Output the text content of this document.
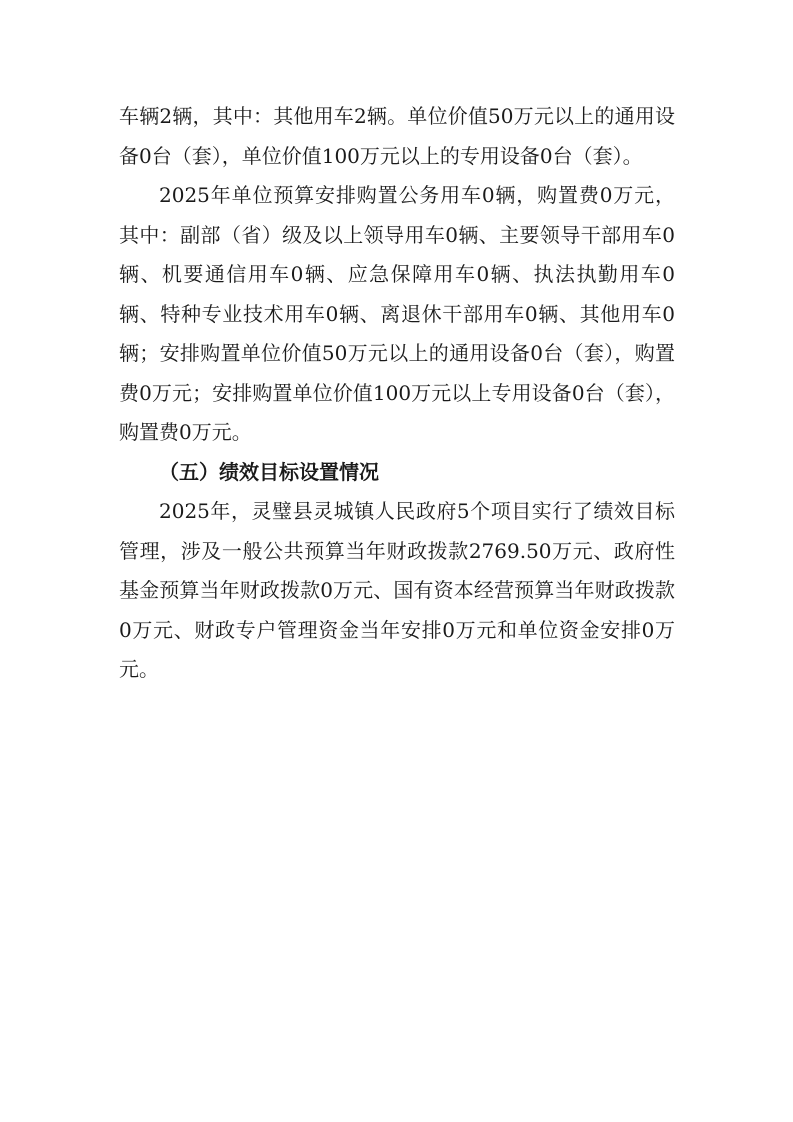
车辆2辆，其中：其他用车2辆。单位价值50万元以上的通用设备0台（套），单位价值100万元以上的专用设备0台（套）。

2025年单位预算安排购置公务用车0辆，购置费0万元，其中：副部（省）级及以上领导用车0辆、主要领导干部用车0辆、机要通信用车0辆、应急保障用车0辆、执法执勤用车0辆、特种专业技术用车0辆、离退休干部用车0辆、其他用车0辆；安排购置单位价值50万元以上的通用设备0台（套），购置费0万元；安排购置单位价值100万元以上专用设备0台（套），购置费0万元。

（五）绩效目标设置情况

2025年，灵璧县灵城镇人民政府5个项目实行了绩效目标管理，涉及一般公共预算当年财政拨款2769.50万元、政府性基金预算当年财政拨款0万元、国有资本经营预算当年财政拨款0万元、财政专户管理资金当年安排0万元和单位资金安排0万元。
